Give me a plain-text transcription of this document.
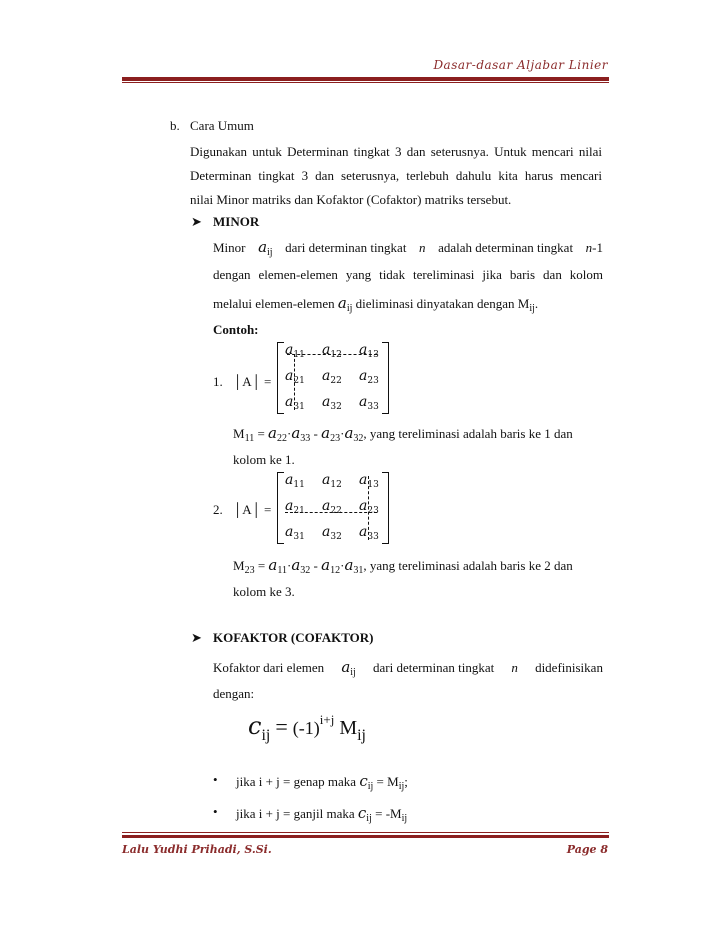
Dasar-dasar Aljabar Linier
b. Cara Umum
Digunakan untuk Determinan tingkat 3 dan seterusnya. Untuk mencari nilai
Determinan tingkat 3 dan seterusnya, terlebuh dahulu kita harus mencari
nilai Minor matriks dan Kofaktor (Cofaktor) matriks tersebut.
➤ MINOR
Minor $a_{ij}$ dari determinan tingkat n adalah determinan tingkat n-1
dengan elemen-elemen yang tidak tereliminasi jika baris dan kolom
melalui elemen-elemen $a_{ij}$ dieliminasi dinyatakan dengan $M_{ij}$.
Contoh:
1. │A│ =
$a_{11}$ $a_{12}$ $a_{13}$
$a_{21}$ $a_{22}$ $a_{23}$
$a_{31}$ $a_{32}$ $a_{33}$
$M_{11} = a_{22}\cdot a_{33} - a_{23}\cdot a_{32}$, yang tereliminasi adalah baris ke 1 dan
kolom ke 1.
2. │A│ =
$a_{11}$ $a_{12}$ $a_{13}$
$a_{21}$ $a_{22}$ $a_{23}$
$a_{31}$ $a_{32}$ $a_{33}$
$M_{23} = a_{11}\cdot a_{32} - a_{12}\cdot a_{31}$, yang tereliminasi adalah baris ke 2 dan
kolom ke 3.
➤ KOFAKTOR (COFAKTOR)
Kofaktor dari elemen $a_{ij}$ dari determinan tingkat n didefinisikan
dengan:
$c_{ij} = (-1)^{i+j}$ $M_{ij}$
• jika i + j = genap maka $c_{ij} = M_{ij}$;
• jika i + j = ganjil maka $c_{ij} = -M_{ij}$
Lalu Yudhi Prihadi, S.Si.	Page 8
